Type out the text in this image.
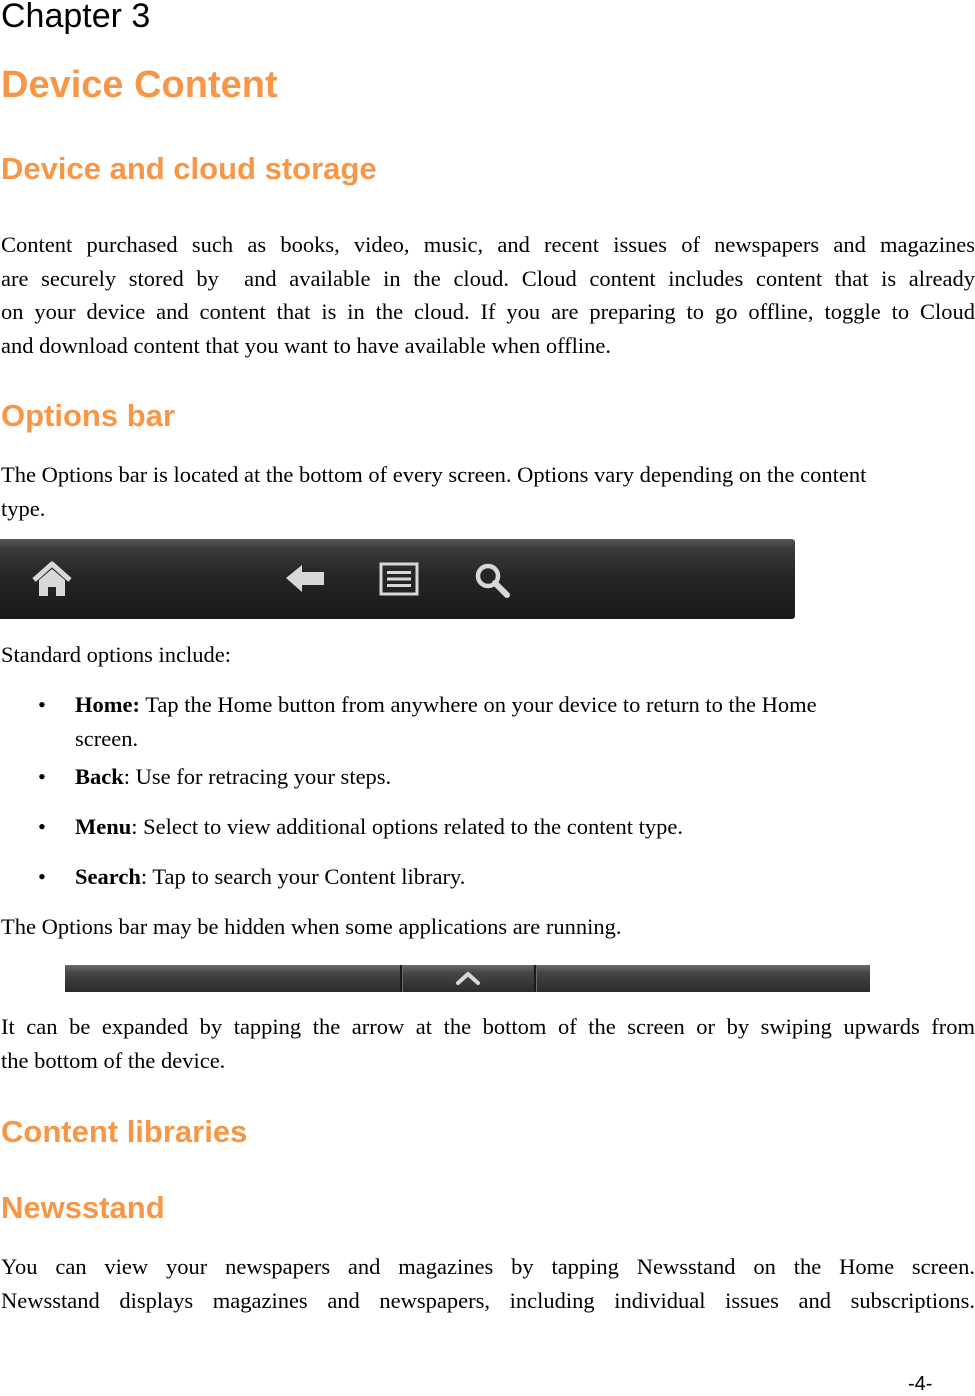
Chapter 3
Device Content
Device and cloud storage
Content purchased such as books, video, music, and recent issues of newspapers and magazines
are securely stored by  and available in the cloud. Cloud content includes content that is already
on your device and content that is in the cloud. If you are preparing to go offline, toggle to Cloud
and download content that you want to have available when offline.
Options bar
The Options bar is located at the bottom of every screen. Options vary depending on the content
type.
Standard options include:
• Home: Tap the Home button from anywhere on your device to return to the Home
screen.
• Back: Use for retracing your steps.
• Menu: Select to view additional options related to the content type.
• Search: Tap to search your Content library.
The Options bar may be hidden when some applications are running.
It can be expanded by tapping the arrow at the bottom of the screen or by swiping upwards from
the bottom of the device.
Content libraries
Newsstand
You can view your newspapers and magazines by tapping Newsstand on the Home screen.
Newsstand displays magazines and newspapers, including individual issues and subscriptions.
-4-
